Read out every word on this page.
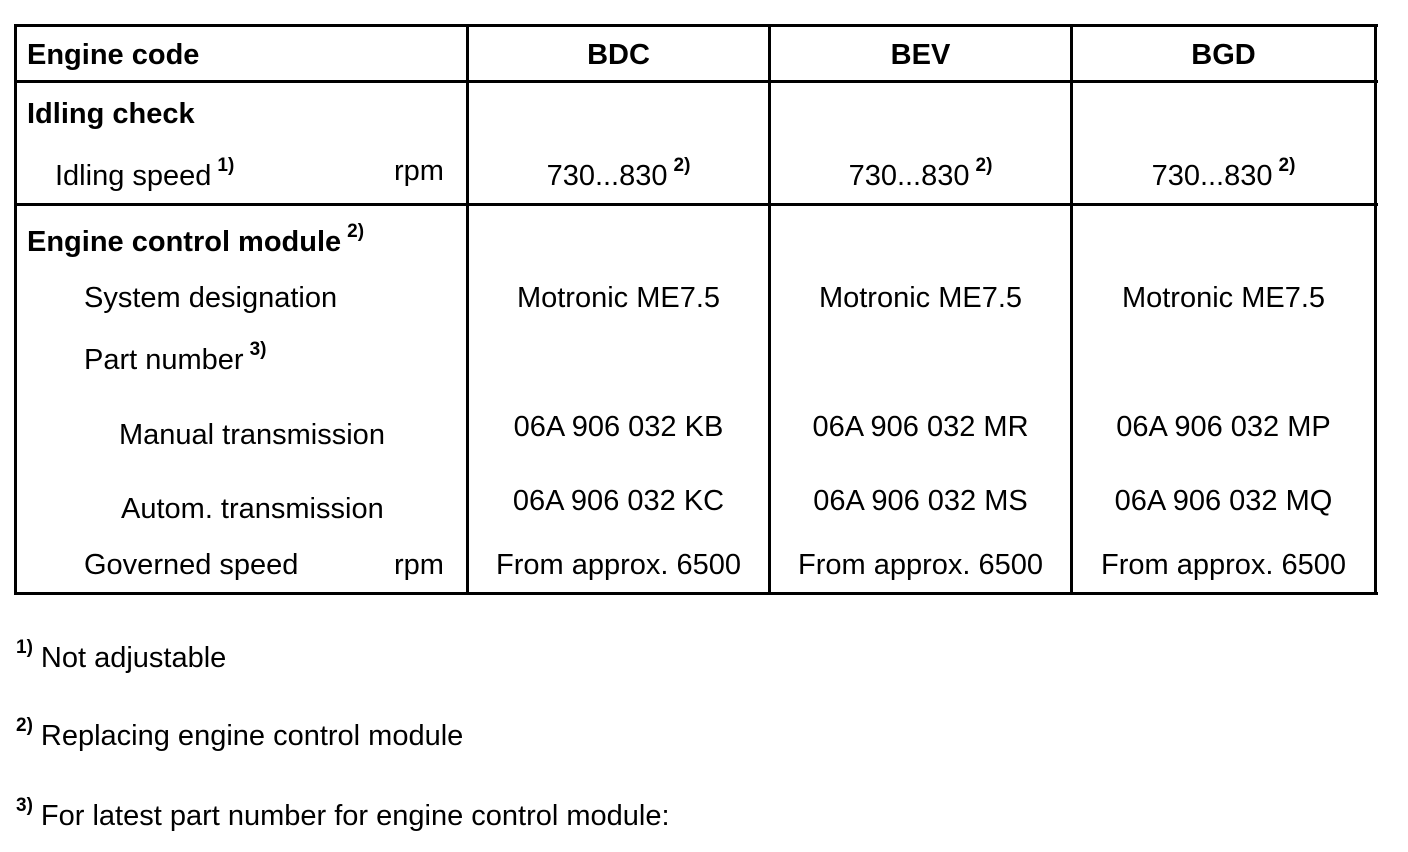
Engine code	BDC	BEV	BGD
Idling check
Idling speed $^{1)}$	rpm	730...830 $^{2)}$	730...830 $^{2)}$	730...830 $^{2)}$
Engine control module $^{2)}$
System designation	Motronic ME7.5	Motronic ME7.5	Motronic ME7.5
Part number $^{3)}$
Manual transmission	06A 906 032 KB	06A 906 032 MR	06A 906 032 MP
Autom. transmission	06A 906 032 KC	06A 906 032 MS	06A 906 032 MQ
Governed speed	rpm	From approx. 6500	From approx. 6500	From approx. 6500
$^{1)}$ Not adjustable
$^{2)}$ Replacing engine control module
$^{3)}$ For latest part number for engine control module:
